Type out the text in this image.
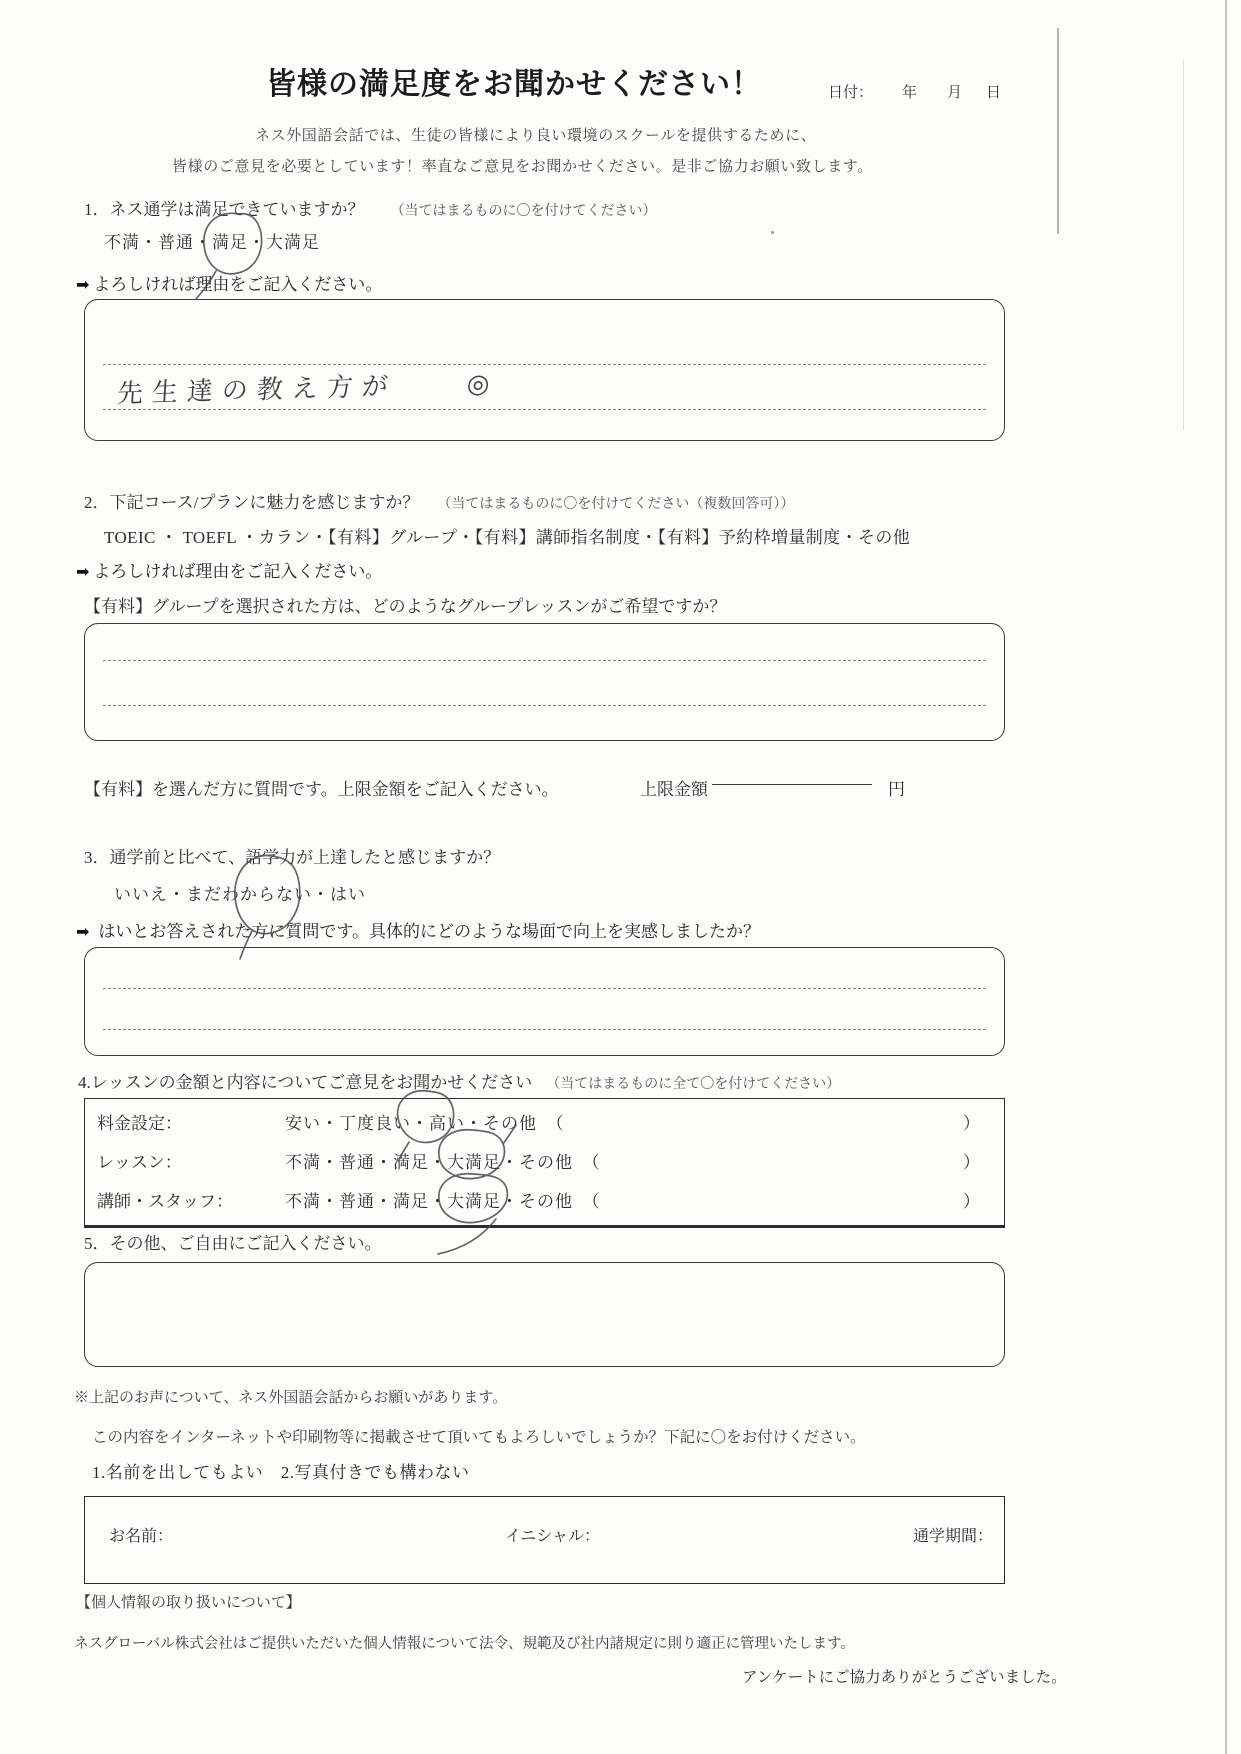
皆様の満足度をお聞かせください！	日付： 年 月 日
ネス外国語会話では、生徒の皆様により良い環境のスクールを提供するために、
皆様のご意見を必要としています！率直なご意見をお聞かせください。是非ご協力お願い致します。
1．ネス通学は満足できていますか？ （当てはまるものに〇を付けてください）
不満・普通・満足・大満足
➡ よろしければ理由をご記入ください。
先生達の教え方が　　◎
2．下記コース/プランに魅力を感じますか？ （当てはまるものに〇を付けてください（複数回答可））
TOEIC ・ TOEFL ・カラン・【有料】グループ・【有料】講師指名制度・【有料】予約枠増量制度・その他
➡ よろしければ理由をご記入ください。
【有料】グループを選択された方は、どのようなグループレッスンがご希望ですか？
【有料】を選んだ方に質問です。上限金額をご記入ください。	上限金額	円
3．通学前と比べて、語学力が上達したと感じますか？
いいえ・まだわからない・はい
➡ はいとお答えされた方に質問です。具体的にどのような場面で向上を実感しましたか？
4.レッスンの金額と内容についてご意見をお聞かせください （当てはまるものに全て〇を付けてください）
料金設定：	安い・丁度良い・高い・その他　（	）
レッスン：	不満・普通・満足・大満足・その他　（	）
講師・スタッフ：	不満・普通・満足・大満足・その他　（	）
5．その他、ご自由にご記入ください。
※上記のお声について、ネス外国語会話からお願いがあります。
この内容をインターネットや印刷物等に掲載させて頂いてもよろしいでしょうか？下記に〇をお付けください。
1.名前を出してもよい　2.写真付きでも構わない
お名前：	イニシャル：	通学期間：
【個人情報の取り扱いについて】
ネスグローバル株式会社はご提供いただいた個人情報について法令、規範及び社内諸規定に則り適正に管理いたします。
アンケートにご協力ありがとうございました。
